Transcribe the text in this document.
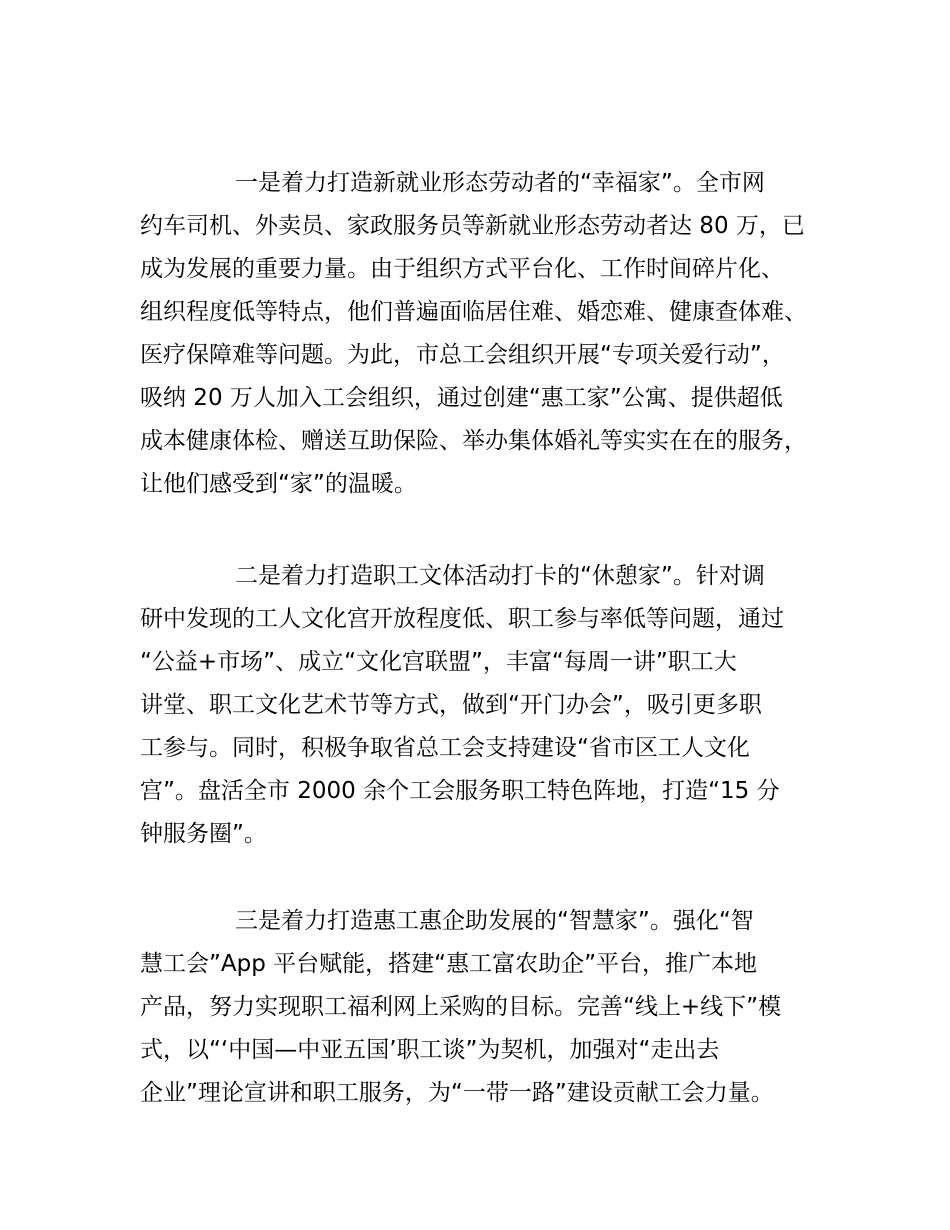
一是着力打造新就业形态劳动者的“幸福家”。全市网
约车司机、外卖员、家政服务员等新就业形态劳动者达 80 万，已
成为发展的重要力量。由于组织方式平台化、工作时间碎片化、
组织程度低等特点，他们普遍面临居住难、婚恋难、健康查体难、
医疗保障难等问题。为此，市总工会组织开展“专项关爱行动”，
吸纳 20 万人加入工会组织，通过创建“惠工家”公寓、提供超低
成本健康体检、赠送互助保险、举办集体婚礼等实实在在的服务，
让他们感受到“家”的温暖。
二是着力打造职工文体活动打卡的“休憩家”。针对调
研中发现的工人文化宫开放程度低、职工参与率低等问题，通过
“公益+市场”、成立“文化宫联盟”，丰富“每周一讲”职工大
讲堂、职工文化艺术节等方式，做到“开门办会”，吸引更多职
工参与。同时，积极争取省总工会支持建设“省市区工人文化
宫”。盘活全市 2000 余个工会服务职工特色阵地，打造“15 分
钟服务圈”。
三是着力打造惠工惠企助发展的“智慧家”。强化“智
慧工会”App 平台赋能，搭建“惠工富农助企”平台，推广本地
产品，努力实现职工福利网上采购的目标。完善“线上+线下”模
式，以“‘中国—中亚五国’职工谈”为契机，加强对“走出去
企业”理论宣讲和职工服务，为“一带一路”建设贡献工会力量。
